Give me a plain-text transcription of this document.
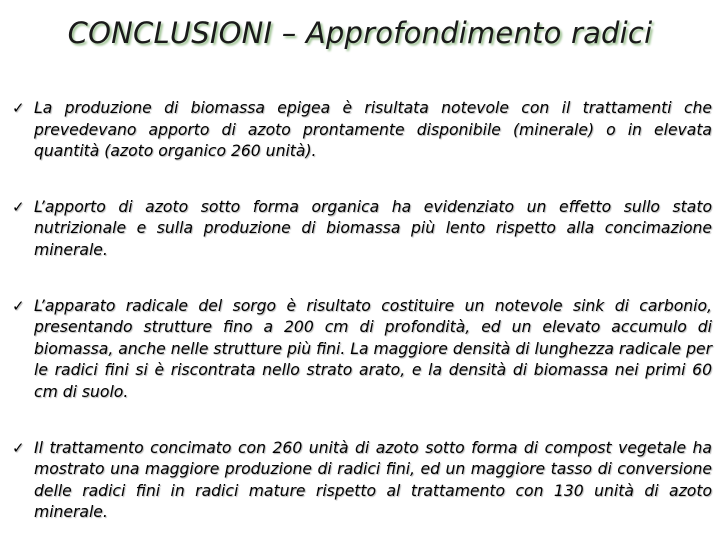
CONCLUSIONI – Approfondimento radici
✓ La produzione di biomassa epigea è risultata notevole con il trattamenti che prevedevano apporto di azoto prontamente disponibile (minerale) o in elevata quantità (azoto organico 260 unità).
✓ L’apporto di azoto sotto forma organica ha evidenziato un effetto sullo stato nutrizionale e sulla produzione di biomassa più lento rispetto alla concimazione minerale.
✓ L’apparato radicale del sorgo è risultato costituire un notevole sink di carbonio, presentando strutture fino a 200 cm di profondità, ed un elevato accumulo di biomassa, anche nelle strutture più fini. La maggiore densità di lunghezza radicale per le radici fini si è riscontrata nello strato arato, e la densità di biomassa nei primi 60 cm di suolo.
✓ Il trattamento concimato con 260 unità di azoto sotto forma di compost vegetale ha mostrato una maggiore produzione di radici fini, ed un maggiore tasso di conversione delle radici fini in radici mature rispetto al trattamento con 130 unità di azoto minerale.
